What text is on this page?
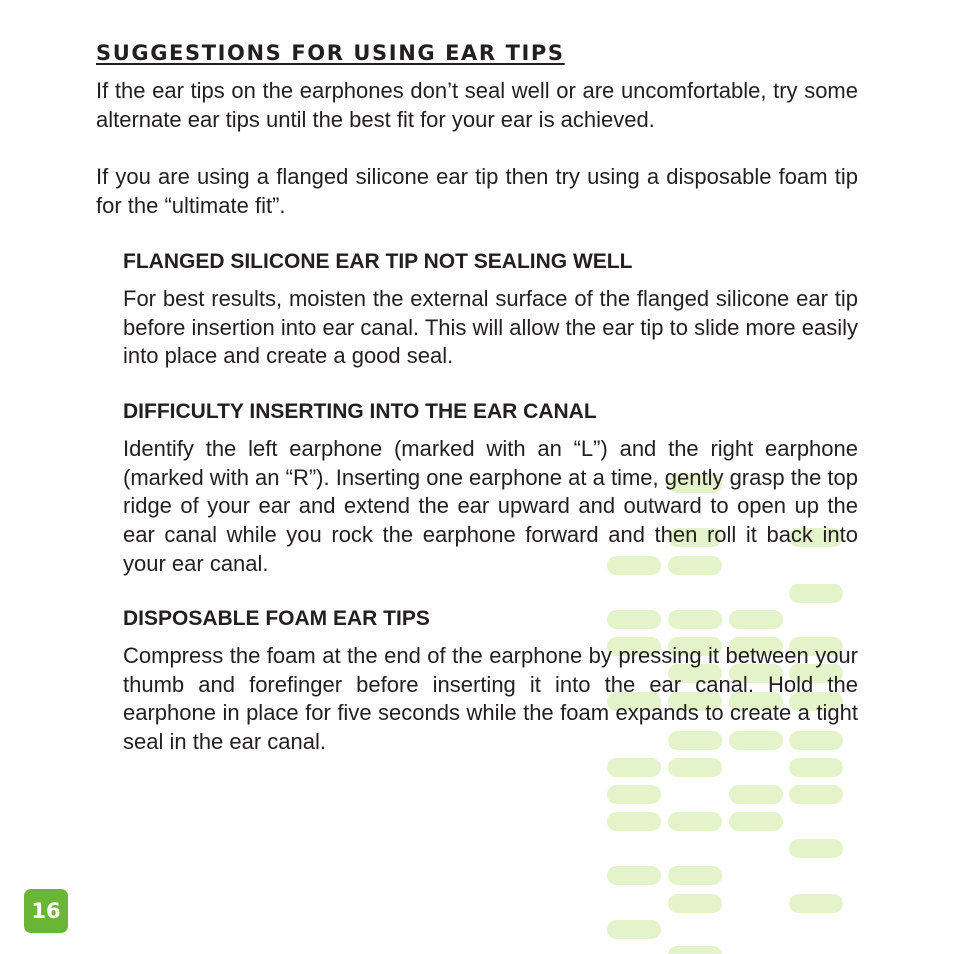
SUGGESTIONS FOR USING EAR TIPS

If the ear tips on the earphones don’t seal well or are uncomfortable, try some alternate ear tips until the best fit for your ear is achieved.

If you are using a flanged silicone ear tip then try using a disposable foam tip for the “ultimate fit”.

FLANGED SILICONE EAR TIP NOT SEALING WELL

For best results, moisten the external surface of the flanged silicone ear tip before insertion into ear canal. This will allow the ear tip to slide more easily into place and create a good seal.

DIFFICULTY INSERTING INTO THE EAR CANAL

Identify the left earphone (marked with an “L”) and the right earphone (marked with an “R”). Inserting one earphone at a time, gently grasp the top ridge of your ear and extend the ear upward and outward to open up the ear canal while you rock the earphone forward and then roll it back into your ear canal.

DISPOSABLE FOAM EAR TIPS

Compress the foam at the end of the earphone by pressing it between your thumb and forefinger before inserting it into the ear canal. Hold the earphone in place for five seconds while the foam expands to create a tight seal in the ear canal.

16
